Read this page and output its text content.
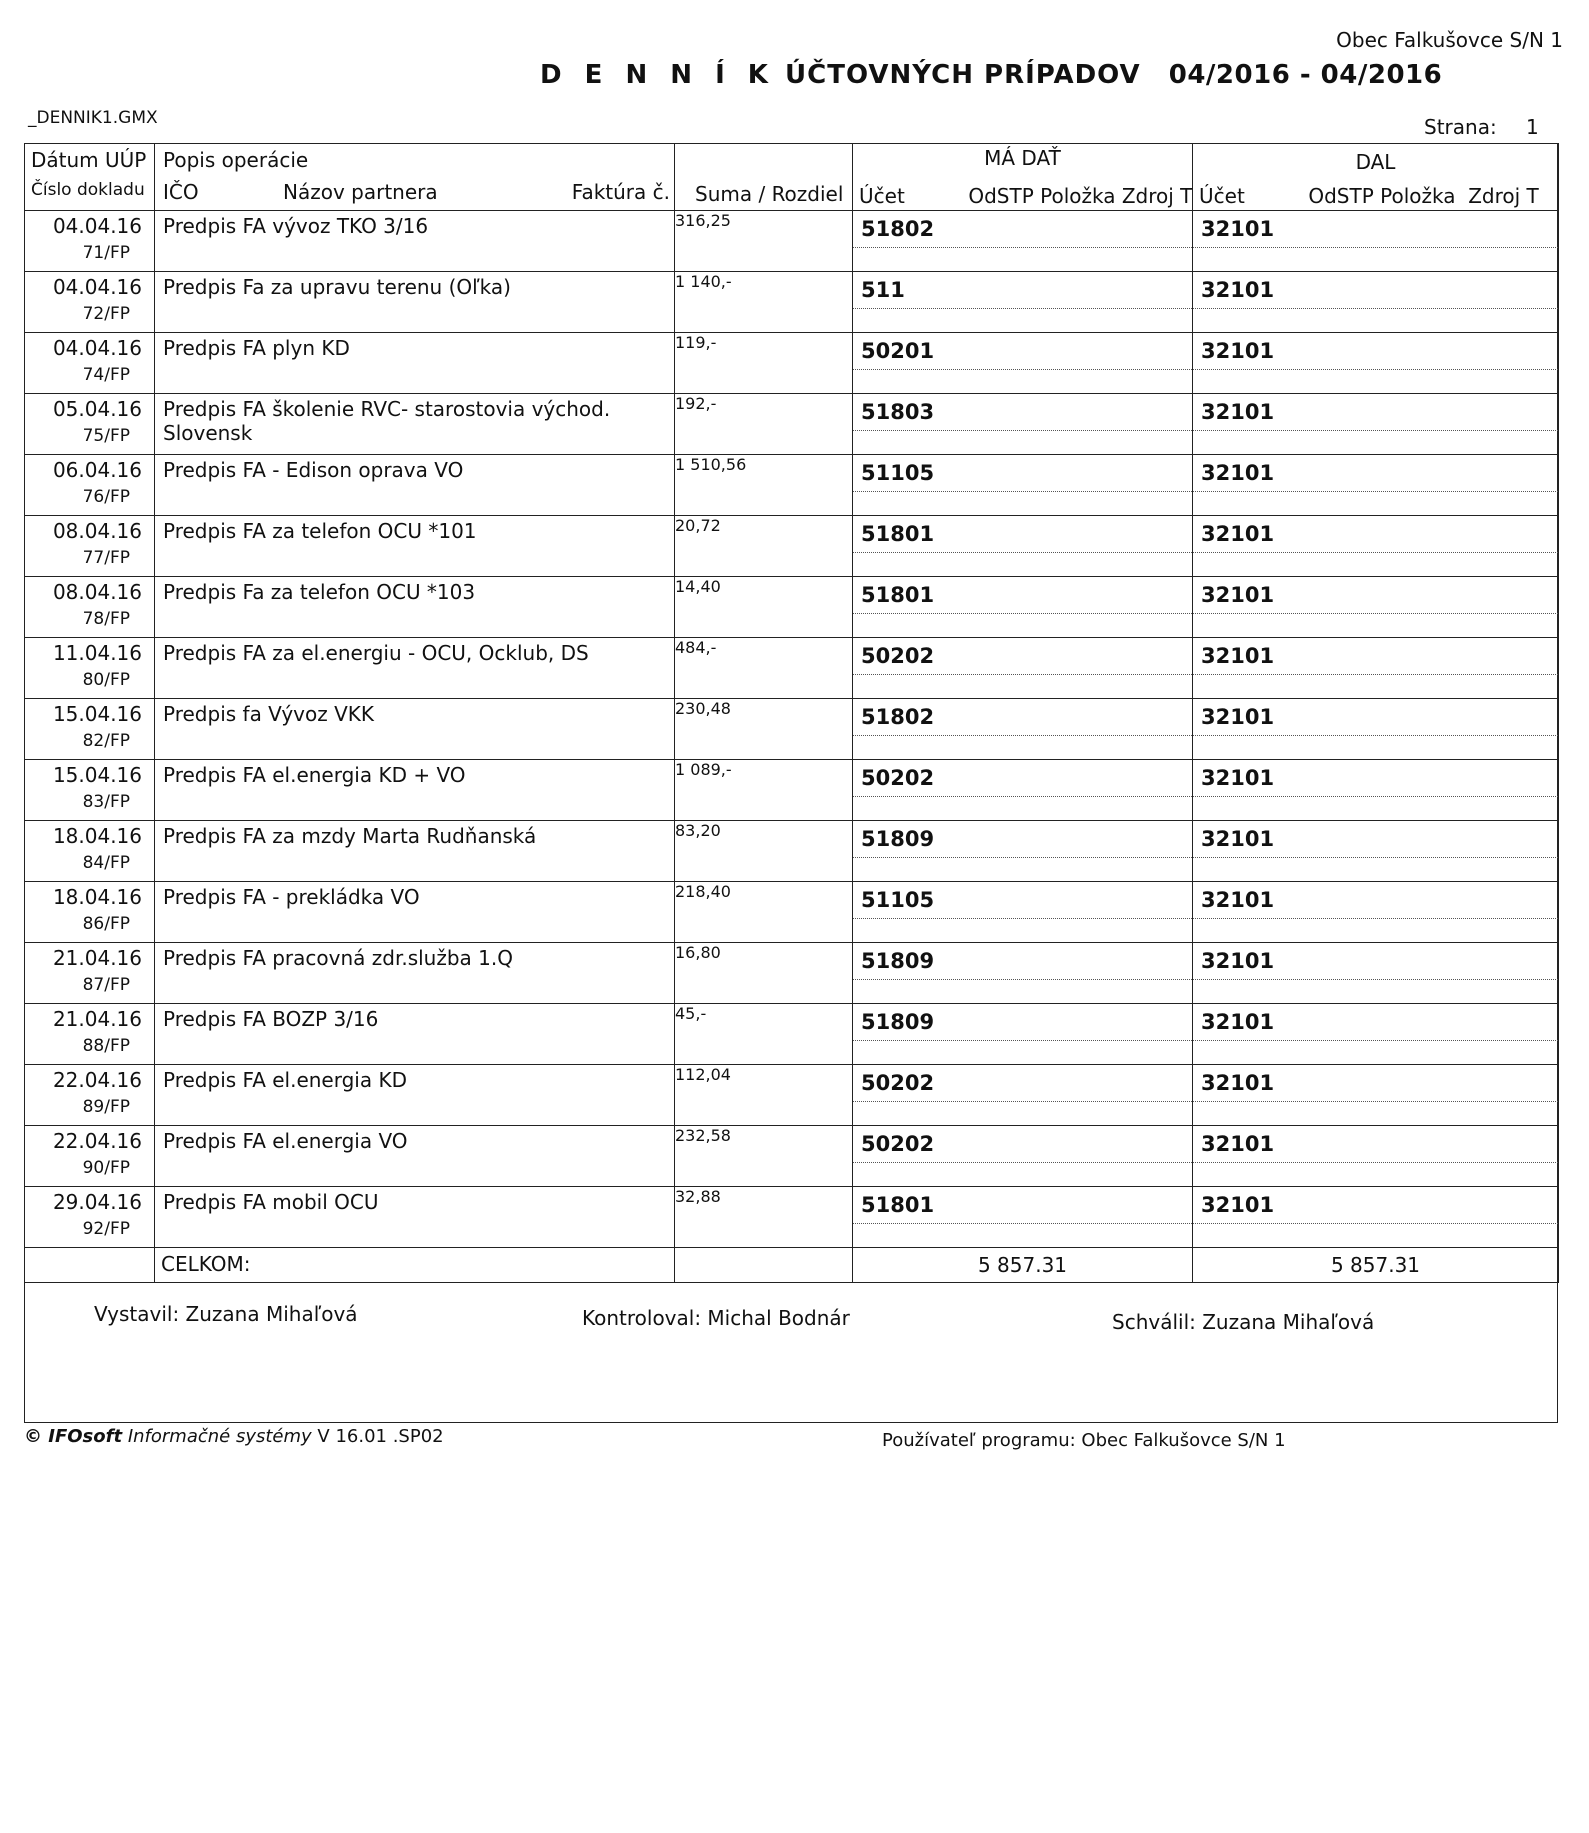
Obec Falkušovce S/N 1
D E N N Í K ÚČTOVNÝCH PRÍPADOV 04/2016 - 04/2016
_DENNIK1.GMX	Strana: 1
Dátum UÚP
Číslo dokladu	Popis operácie
IČO Názov partnera Faktúra č.	Suma / Rozdiel	MÁ DAŤ
Účet          OdSTP Položka Zdroj T	DAL
Účet          OdSTP Položka  Zdroj T

04.04.16
71/FP	Predpis FA vývoz TKO 3/16	316,25	51802	32101

04.04.16
72/FP	Predpis Fa za upravu terenu (Oľka)	1 140,-	511	32101

04.04.16
74/FP	Predpis FA plyn KD	119,-	50201	32101

05.04.16
75/FP	Predpis FA školenie RVC- starostovia východ. Slovensk	192,-	51803	32101

06.04.16
76/FP	Predpis FA - Edison oprava VO	1 510,56	51105	32101

08.04.16
77/FP	Predpis FA za telefon OCU *101	20,72	51801	32101

08.04.16
78/FP	Predpis Fa za telefon OCU *103	14,40	51801	32101

11.04.16
80/FP	Predpis FA za el.energiu - OCU, Ocklub, DS	484,-	50202	32101

15.04.16
82/FP	Predpis fa Vývoz VKK	230,48	51802	32101

15.04.16
83/FP	Predpis FA el.energia KD + VO	1 089,-	50202	32101

18.04.16
84/FP	Predpis FA za mzdy Marta Rudňanská	83,20	51809	32101

18.04.16
86/FP	Predpis FA - prekládka VO	218,40	51105	32101

21.04.16
87/FP	Predpis FA pracovná zdr.služba 1.Q	16,80	51809	32101

21.04.16
88/FP	Predpis FA BOZP 3/16	45,-	51809	32101

22.04.16
89/FP	Predpis FA el.energia KD	112,04	50202	32101

22.04.16
90/FP	Predpis FA el.energia VO	232,58	50202	32101

29.04.16
92/FP	Predpis FA mobil OCU	32,88	51801	32101

	CELKOM:		5 857.31	5 857.31
Vystavil: Zuzana Mihaľová	Kontroloval: Michal Bodnár	Schválil: Zuzana Mihaľová
© IFOsoft Informačné systémy V 16.01 .SP02	Používateľ programu: Obec Falkušovce S/N 1
